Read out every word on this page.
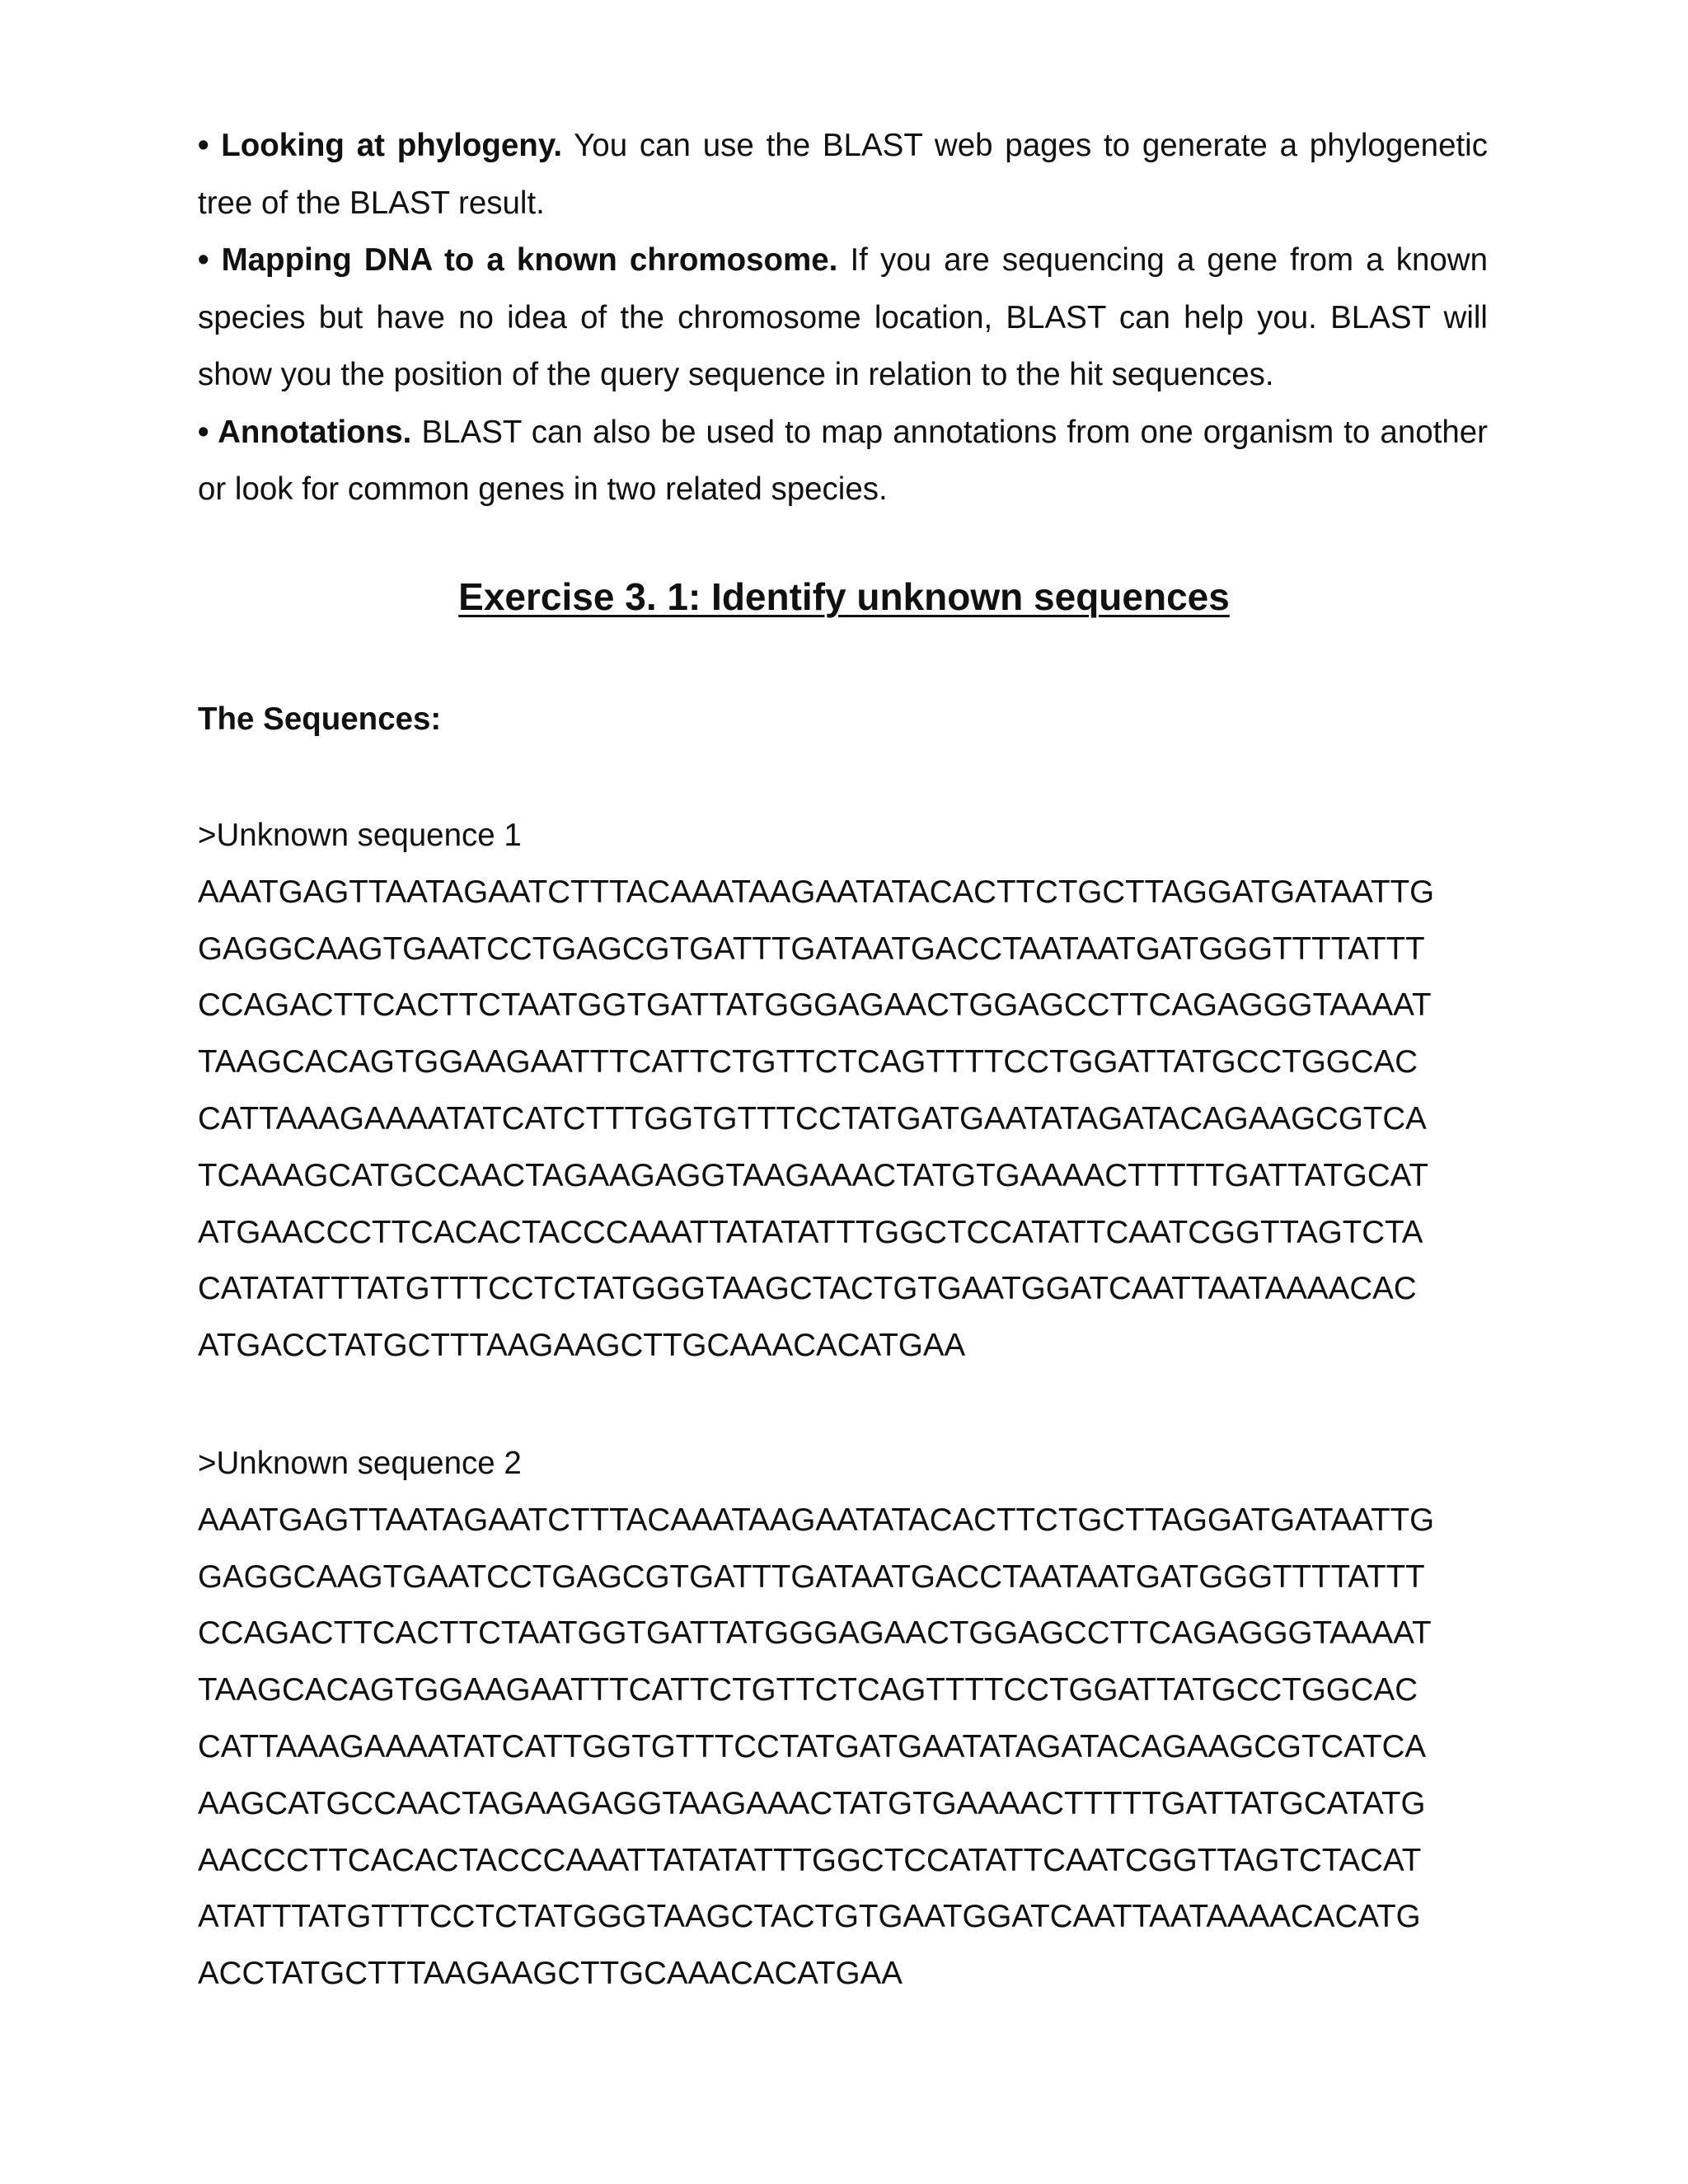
• Looking at phylogeny. You can use the BLAST web pages to generate a phylogenetic tree of the BLAST result.

• Mapping DNA to a known chromosome. If you are sequencing a gene from a known species but have no idea of the chromosome location, BLAST can help you. BLAST will show you the position of the query sequence in relation to the hit sequences.

• Annotations. BLAST can also be used to map annotations from one organism to another or look for common genes in two related species.

Exercise 3. 1: Identify unknown sequences
The Sequences:
>Unknown sequence 1
AAATGAGTTAATAGAATCTTTACAAATAAGAATATACACTTCTGCTTAGGATGATAATTG
GAGGCAAGTGAATCCTGAGCGTGATTTGATAATGACCTAATAATGATGGGTTTTATTT
CCAGACTTCACTTCTAATGGTGATTATGGGAGAACTGGAGCCTTCAGAGGGTAAAAT
TAAGCACAGTGGAAGAATTTCATTCTGTTCTCAGTTTTCCTGGATTATGCCTGGCAC
CATTAAAGAAAATATCATCTTTGGTGTTTCCTATGATGAATATAGATACAGAAGCGTCA
TCAAAGCATGCCAACTAGAAGAGGTAAGAAACTATGTGAAAACTTTTTGATTATGCAT
ATGAACCCTTCACACTACCCAAATTATATATTTGGCTCCATATTCAATCGGTTAGTCTA
CATATATTTATGTTTCCTCTATGGGTAAGCTACTGTGAATGGATCAATTAATAAAACAC
ATGACCTATGCTTTAAGAAGCTTGCAAACACATGAA
>Unknown sequence 2
AAATGAGTTAATAGAATCTTTACAAATAAGAATATACACTTCTGCTTAGGATGATAATTG
GAGGCAAGTGAATCCTGAGCGTGATTTGATAATGACCTAATAATGATGGGTTTTATTT
CCAGACTTCACTTCTAATGGTGATTATGGGAGAACTGGAGCCTTCAGAGGGTAAAAT
TAAGCACAGTGGAAGAATTTCATTCTGTTCTCAGTTTTCCTGGATTATGCCTGGCAC
CATTAAAGAAAATATCATTGGTGTTTCCTATGATGAATATAGATACAGAAGCGTCATCA
AAGCATGCCAACTAGAAGAGGTAAGAAACTATGTGAAAACTTTTTGATTATGCATATG
AACCCTTCACACTACCCAAATTATATATTTGGCTCCATATTCAATCGGTTAGTCTACAT
ATATTTATGTTTCCTCTATGGGTAAGCTACTGTGAATGGATCAATTAATAAAACACATG
ACCTATGCTTTAAGAAGCTTGCAAACACATGAA
